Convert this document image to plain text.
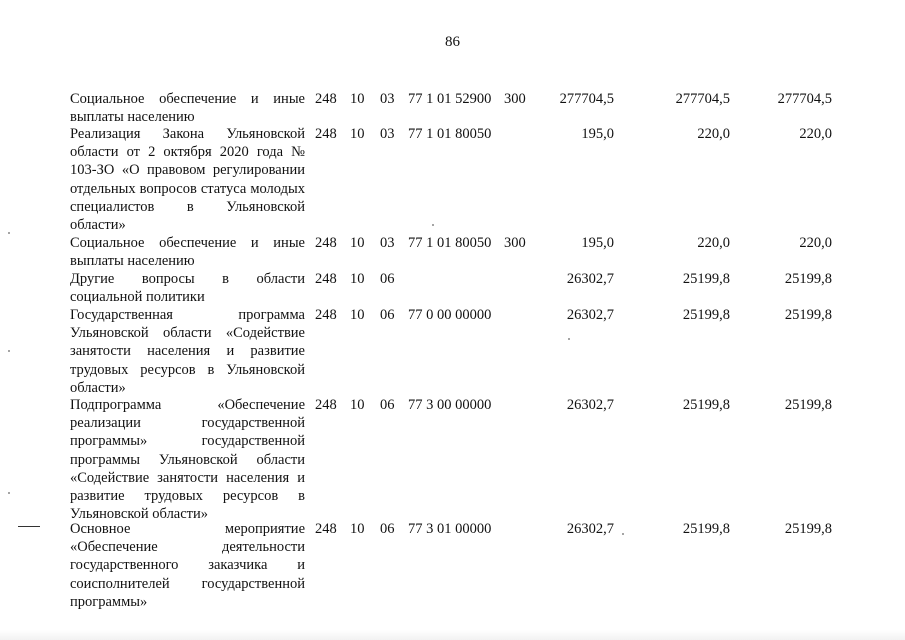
86
Социальное обеспечение и иные выплаты населению
248 10 03 77 1 01 52900 300	277704,5	277704,5	277704,5
Реализация Закона Ульяновской области от 2 октября 2020 года № 103-ЗО «О правовом регулировании отдельных вопросов статуса молодых специалистов в Ульяновской области»
248 10 03 77 1 01 80050	195,0	220,0	220,0
Социальное обеспечение и иные выплаты населению
248 10 03 77 1 01 80050 300	195,0	220,0	220,0
Другие вопросы в области социальной политики
248 10 06	26302,7	25199,8	25199,8
Государственная программа Ульяновской области «Содействие занятости населения и развитие трудовых ресурсов в Ульяновской области»
248 10 06 77 0 00 00000	26302,7	25199,8	25199,8
Подпрограмма «Обеспечение реализации государственной программы» государственной программы Ульяновской области «Содействие занятости населения и развитие трудовых ресурсов в Ульяновской области»
248 10 06 77 3 00 00000	26302,7	25199,8	25199,8
Основное мероприятие «Обеспечение деятельности государственного заказчика и соисполнителей государственной программы»
248 10 06 77 3 01 00000	26302,7	25199,8	25199,8
